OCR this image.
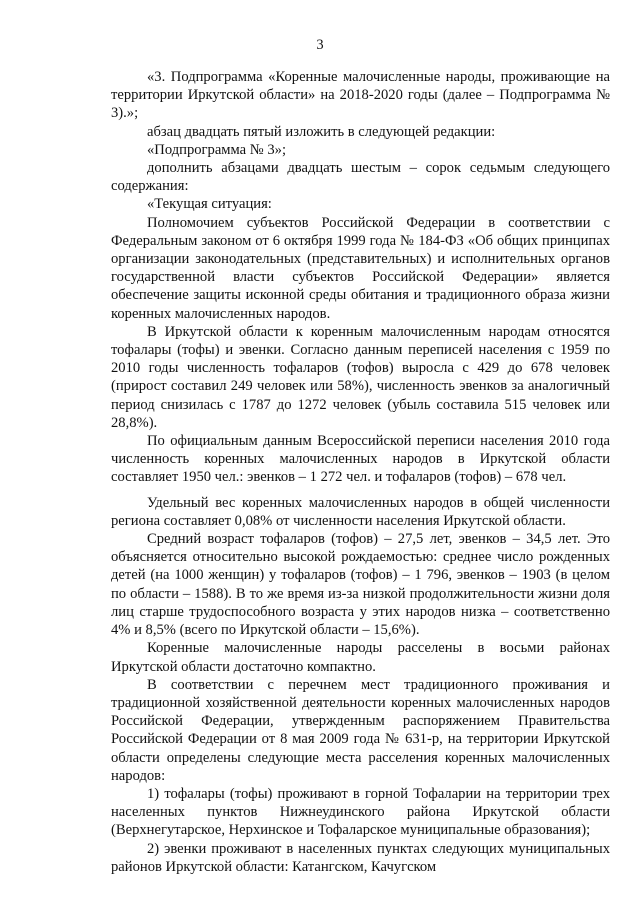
3

«3. Подпрограмма «Коренные малочисленные народы, проживающие на территории Иркутской области» на 2018-2020 годы (далее – Подпрограмма № 3).»;

абзац двадцать пятый изложить в следующей редакции:

«Подпрограмма № 3»;

дополнить абзацами двадцать шестым – сорок седьмым следующего содержания:

«Текущая ситуация:

Полномочием субъектов Российской Федерации в соответствии с Федеральным законом от 6 октября 1999 года № 184-ФЗ «Об общих принципах организации законодательных (представительных) и исполнительных органов государственной власти субъектов Российской Федерации» является обеспечение защиты исконной среды обитания и традиционного образа жизни коренных малочисленных народов.

В Иркутской области к коренным малочисленным народам относятся тофалары (тофы) и эвенки. Согласно данным переписей населения с 1959 по 2010 годы численность тофаларов (тофов) выросла с 429 до 678 человек (прирост составил 249 человек или 58%), численность эвенков за аналогичный период снизилась с 1787 до 1272 человек (убыль составила 515 человек или 28,8%).

По официальным данным Всероссийской переписи населения 2010 года численность коренных малочисленных народов в Иркутской области составляет 1950 чел.: эвенков – 1 272 чел. и тофаларов (тофов) – 678 чел.

Удельный вес коренных малочисленных народов в общей численности региона составляет 0,08% от численности населения Иркутской области.

Средний возраст тофаларов (тофов) – 27,5 лет, эвенков – 34,5 лет. Это объясняется относительно высокой рождаемостью: среднее число рожденных детей (на 1000 женщин) у тофаларов (тофов) – 1 796, эвенков – 1903 (в целом по области – 1588). В то же время из-за низкой продолжительности жизни доля лиц старше трудоспособного возраста у этих народов низка – соответственно 4% и 8,5% (всего по Иркутской области – 15,6%).

Коренные малочисленные народы расселены в восьми районах Иркутской области достаточно компактно.

В соответствии с перечнем мест традиционного проживания и традиционной хозяйственной деятельности коренных малочисленных народов Российской Федерации, утвержденным распоряжением Правительства Российской Федерации от 8 мая 2009 года № 631-р, на территории Иркутской области определены следующие места расселения коренных малочисленных народов:

1) тофалары (тофы) проживают в горной Тофаларии на территории трех населенных пунктов Нижнеудинского района Иркутской области (Верхнегутарское, Нерхинское и Тофаларское муниципальные образования);

2) эвенки проживают в населенных пунктах следующих муниципальных районов Иркутской области: Катангском, Качугском
